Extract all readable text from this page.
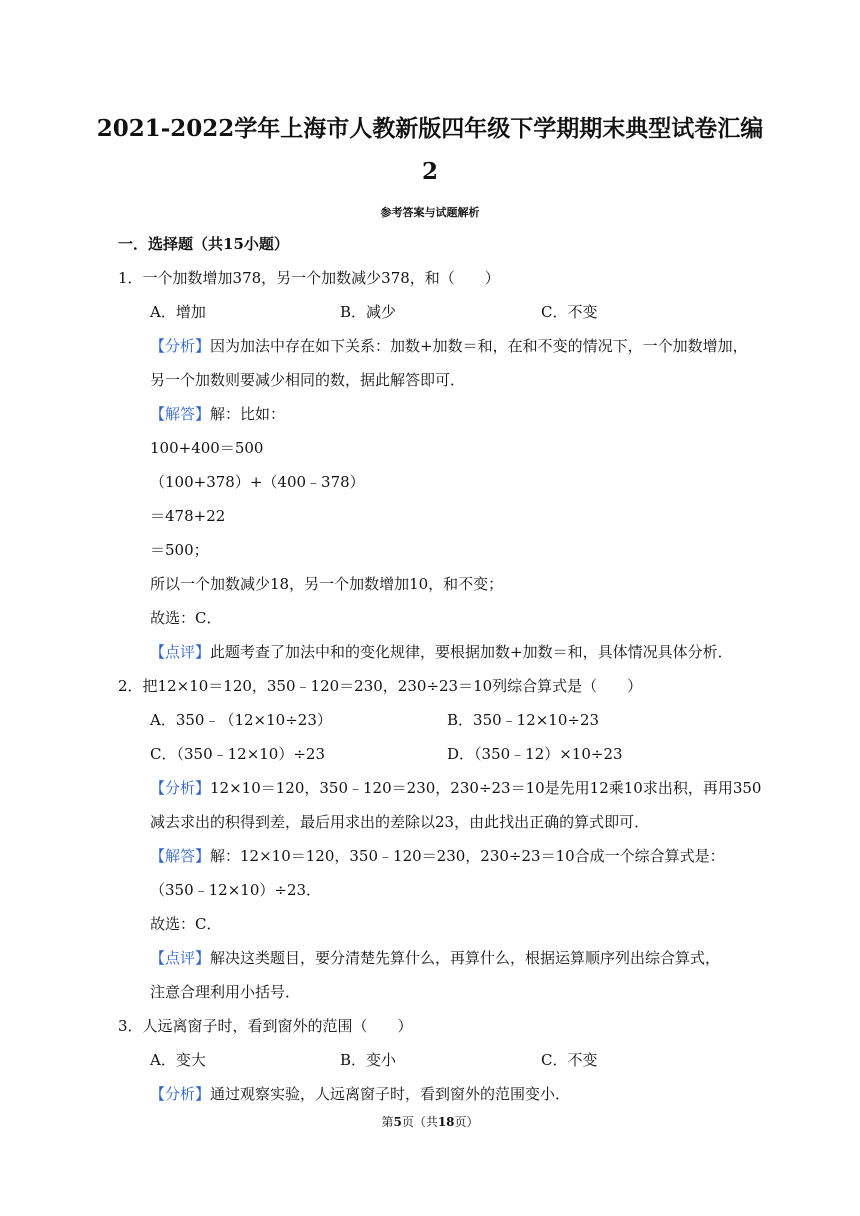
2021-2022学年上海市人教新版四年级下学期期末典型试卷汇编
2
参考答案与试题解析
一．选择题（共15小题）
1．一个加数增加378，另一个加数减少378，和（　　）
A．增加	B．减少	C．不变
【分析】因为加法中存在如下关系：加数+加数＝和，在和不变的情况下，一个加数增加，
另一个加数则要减少相同的数，据此解答即可．
【解答】解：比如：
100+400＝500
（100+378）+（400﹣378）
＝478+22
＝500；
所以一个加数减少18，另一个加数增加10，和不变；
故选：C．
【点评】此题考查了加法中和的变化规律，要根据加数+加数＝和，具体情况具体分析．
2．把12×10＝120，350﹣120＝230，230÷23＝10列综合算式是（　　）
A．350﹣（12×10÷23）	B．350﹣12×10÷23
C．（350﹣12×10）÷23	D．（350﹣12）×10÷23
【分析】12×10＝120，350﹣120＝230，230÷23＝10是先用12乘10求出积，再用350
减去求出的积得到差，最后用求出的差除以23，由此找出正确的算式即可．
【解答】解：12×10＝120，350﹣120＝230，230÷23＝10合成一个综合算式是：
（350﹣12×10）÷23．
故选：C．
【点评】解决这类题目，要分清楚先算什么，再算什么，根据运算顺序列出综合算式，
注意合理利用小括号．
3．人远离窗子时，看到窗外的范围（　　）
A．变大	B．变小	C．不变
【分析】通过观察实验，人远离窗子时，看到窗外的范围变小．
第5页（共18页）
